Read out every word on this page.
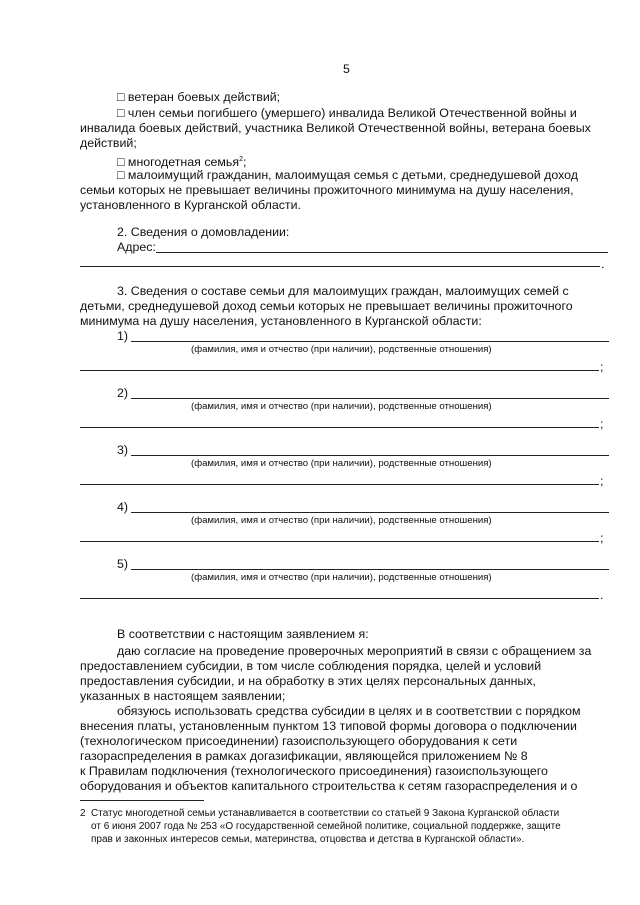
5
□ ветеран боевых действий;
□ член семьи погибшего (умершего) инвалида Великой Отечественной войны и
инвалида боевых действий, участника Великой Отечественной войны, ветерана боевых
действий;
□ многодетная семья$^2$;
□ малоимущий гражданин, малоимущая семья с детьми, среднедушевой доход
семьи которых не превышает величины прожиточного минимума на душу населения,
установленного в Курганской области.
2. Сведения о домовладении:
Адрес:
.
3. Сведения о составе семьи для малоимущих граждан, малоимущих семей с
детьми, среднедушевой доход семьи которых не превышает величины прожиточного
минимума на душу населения, установленного в Курганской области:
1)
(фамилия, имя и отчество (при наличии), родственные отношения)
;
2)
(фамилия, имя и отчество (при наличии), родственные отношения)
;
3)
(фамилия, имя и отчество (при наличии), родственные отношения)
;
4)
(фамилия, имя и отчество (при наличии), родственные отношения)
;
5)
(фамилия, имя и отчество (при наличии), родственные отношения)
.
В соответствии с настоящим заявлением я:
даю согласие на проведение проверочных мероприятий в связи с обращением за
предоставлением субсидии, в том числе соблюдения порядка, целей и условий
предоставления субсидии, и на обработку в этих целях персональных данных,
указанных в настоящем заявлении;
обязуюсь использовать средства субсидии в целях и в соответствии с порядком
внесения платы, установленным пунктом 13 типовой формы договора о подключении
(технологическом присоединении) газоиспользующего оборудования к сети
газораспределения в рамках догазификации, являющейся приложением № 8
к Правилам подключения (технологического присоединения) газоиспользующего
оборудования и объектов капитального строительства к сетям газораспределения и о
2 Статус многодетной семьи устанавливается в соответствии со статьей 9 Закона Курганской области
от 6 июня 2007 года № 253 «О государственной семейной политике, социальной поддержке, защите
прав и законных интересов семьи, материнства, отцовства и детства в Курганской области».
